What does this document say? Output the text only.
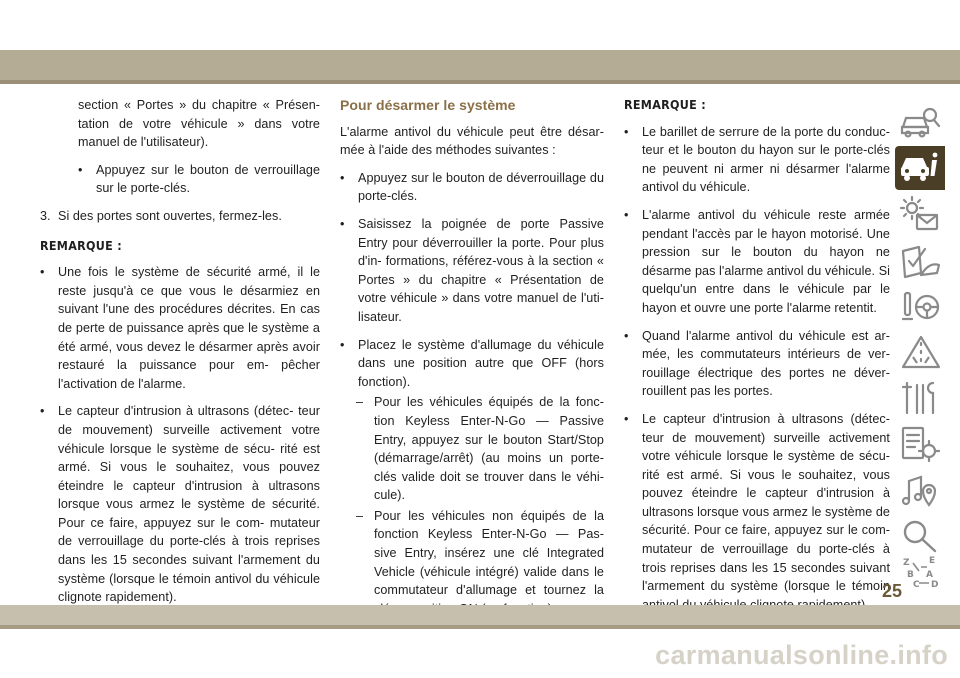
section « Portes » du chapitre « Présen- tation de votre véhicule » dans votre manuel de l'utilisateur).

• Appuyez sur le bouton de verrouillage sur le porte-clés.

3. Si des portes sont ouvertes, fermez-les.

REMARQUE :

• Une fois le système de sécurité armé, il le reste jusqu'à ce que vous le désarmiez en suivant l'une des procédures décrites. En cas de perte de puissance après que le système a été armé, vous devez le désarmer après avoir restauré la puissance pour em- pêcher l'activation de l'alarme.

• Le capteur d'intrusion à ultrasons (détec- teur de mouvement) surveille activement votre véhicule lorsque le système de sécu- rité est armé. Si vous le souhaitez, vous pouvez éteindre le capteur d'intrusion à ultrasons lorsque vous armez le système de sécurité. Pour ce faire, appuyez sur le com- mutateur de verrouillage du porte-clés à trois reprises dans les 15 secondes suivant l'armement du système (lorsque le témoin antivol du véhicule clignote rapidement).

Pour désarmer le système

L'alarme antivol du véhicule peut être désar- mée à l'aide des méthodes suivantes :

• Appuyez sur le bouton de déverrouillage du porte-clés.

• Saisissez la poignée de porte Passive Entry pour déverrouiller la porte. Pour plus d'in- formations, référez-vous à la section « Portes » du chapitre « Présentation de votre véhicule » dans votre manuel de l'uti- lisateur.

• Placez le système d'allumage du véhicule dans une position autre que OFF (hors fonction).

– Pour les véhicules équipés de la fonc- tion Keyless Enter-N-Go — Passive Entry, appuyez sur le bouton Start/Stop (démarrage/arrêt) (au moins un porte- clés valide doit se trouver dans le véhi- cule).

– Pour les véhicules non équipés de la fonction Keyless Enter-N-Go — Pas- sive Entry, insérez une clé Integrated Vehicle (véhicule intégré) valide dans le commutateur d'allumage et tournez la

REMARQUE :

• Le barillet de serrure de la porte du conduc- teur et le bouton du hayon sur le porte-clés ne peuvent ni armer ni désarmer l'alarme antivol du véhicule.

• L'alarme antivol du véhicule reste armée pendant l'accès par le hayon motorisé. Une pression sur le bouton du hayon ne désarme pas l'alarme antivol du véhicule. Si quelqu'un entre dans le véhicule par le hayon et ouvre une porte l'alarme retentit.

• Quand l'alarme antivol du véhicule est ar- mée, les commutateurs intérieurs de ver- rouillage électrique des portes ne déver- rouillent pas les portes.

• Le capteur d'intrusion à ultrasons (détec- teur de mouvement) surveille activement votre véhicule lorsque le système de sécu- rité est armé. Si vous le souhaitez, vous pouvez éteindre le capteur d'intrusion à ultrasons lorsque vous armez le système de sécurité. Pour ce faire, appuyez sur le com- mutateur de verrouillage du porte-clés à trois reprises dans les 15 secondes suivant l'armement du système (lorsque le témoin

Z E
B A
C D
25
carmanualsonline.info
